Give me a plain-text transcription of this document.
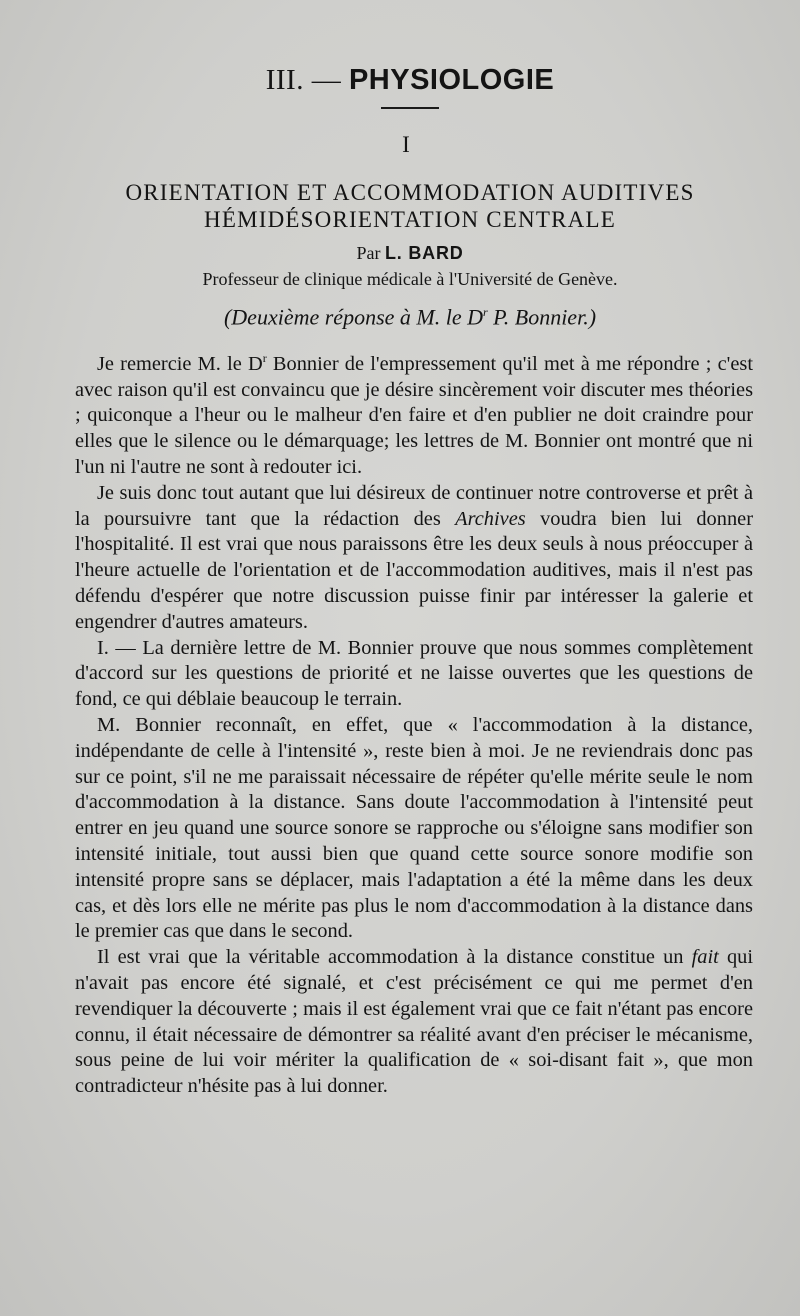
III. — PHYSIOLOGIE
I
ORIENTATION ET ACCOMMODATION AUDITIVES
HÉMIDÉSORIENTATION CENTRALE
Par L. BARD
Professeur de clinique médicale à l'Université de Genève.
(Deuxième réponse à M. le $D^r$ P. Bonnier.)

Je remercie M. le $D^r$ Bonnier de l'empressement qu'il met à me répondre ; c'est avec raison qu'il est convaincu que je désire sincèrement voir discuter mes théories ; quiconque a l'heur ou le malheur d'en faire et d'en publier ne doit craindre pour elles que le silence ou le démarquage; les lettres de M. Bonnier ont montré que ni l'un ni l'autre ne sont à redouter ici.

Je suis donc tout autant que lui désireux de continuer notre controverse et prêt à la poursuivre tant que la rédaction des Archives voudra bien lui donner l'hospitalité. Il est vrai que nous paraissons être les deux seuls à nous préoccuper à l'heure actuelle de l'orientation et de l'accommodation auditives, mais il n'est pas défendu d'espérer que notre discussion puisse finir par intéresser la galerie et engendrer d'autres amateurs.

I. — La dernière lettre de M. Bonnier prouve que nous sommes complètement d'accord sur les questions de priorité et ne laisse ouvertes que les questions de fond, ce qui déblaie beaucoup le terrain.

M. Bonnier reconnaît, en effet, que « l'accommodation à la distance, indépendante de celle à l'intensité », reste bien à moi. Je ne reviendrais donc pas sur ce point, s'il ne me paraissait nécessaire de répéter qu'elle mérite seule le nom d'accommodation à la distance. Sans doute l'accommodation à l'intensité peut entrer en jeu quand une source sonore se rapproche ou s'éloigne sans modifier son intensité initiale, tout aussi bien que quand cette source sonore modifie son intensité propre sans se déplacer, mais l'adaptation a été la même dans les deux cas, et dès lors elle ne mérite pas plus le nom d'accommodation à la distance dans le premier cas que dans le second.

Il est vrai que la véritable accommodation à la distance constitue un fait qui n'avait pas encore été signalé, et c'est précisément ce qui me permet d'en revendiquer la découverte ; mais il est également vrai que ce fait n'étant pas encore connu, il était nécessaire de démontrer sa réalité avant d'en préciser le mécanisme, sous peine de lui voir mériter la qualification de « soi-disant fait », que mon contradicteur n'hésite pas à lui donner.
